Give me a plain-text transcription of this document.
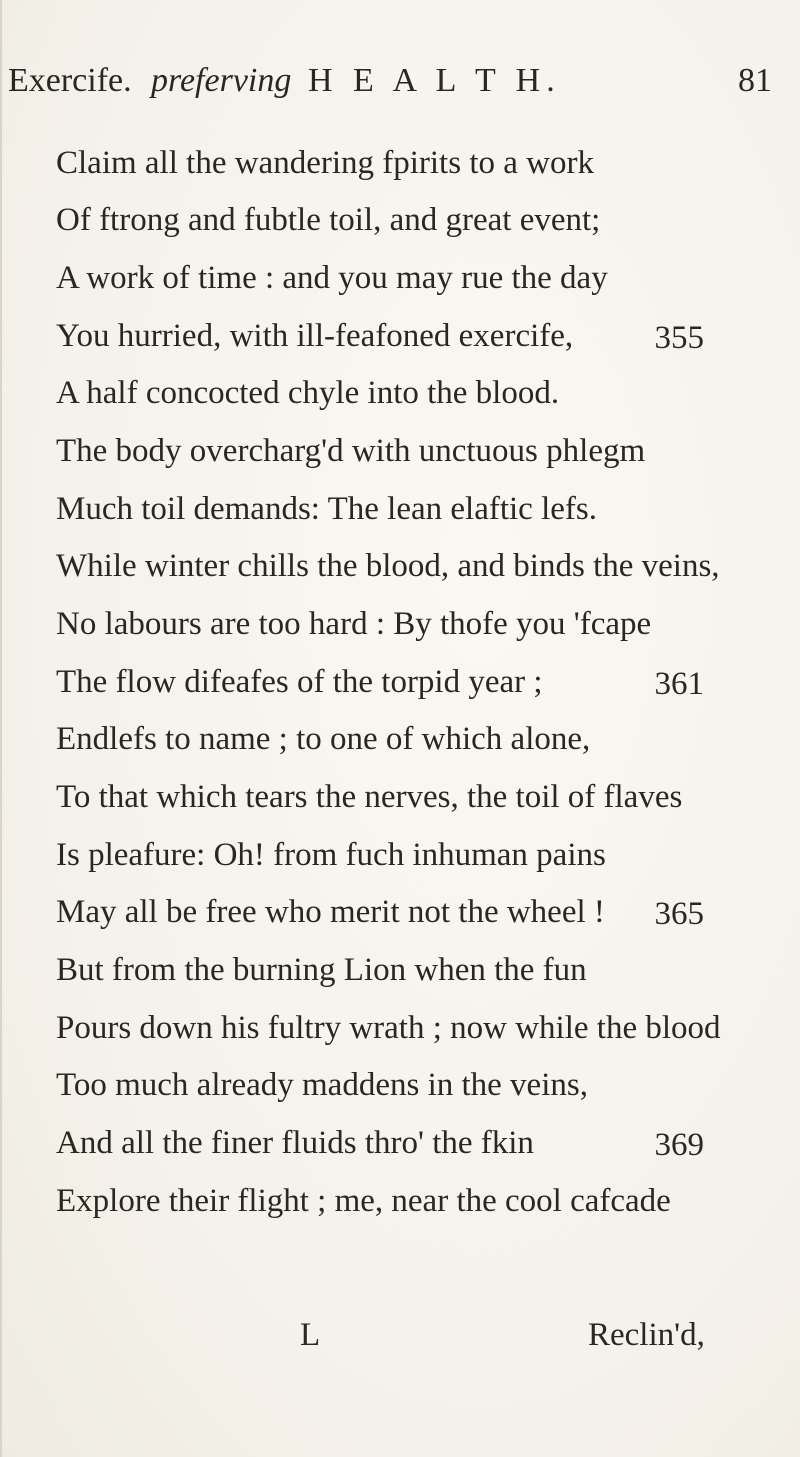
Exercife. preferving H E A L T H.	81
Claim all the wandering fpirits to a work
Of ftrong and fubtle toil, and great event;
A work of time : and you may rue the day
You hurried, with ill-feafoned exercife, 355
A half concocted chyle into the blood.
The body overcharg'd with unctuous phlegm
Much toil demands: The lean elaftic lefs.
While winter chills the blood, and binds the veins,
No labours are too hard : By thofe you 'fcape
The flow difeafes of the torpid year ;	361
Endlefs to name ; to one of which alone,
To that which tears the nerves, the toil of flaves
Is pleafure: Oh! from fuch inhuman pains
May all be free who merit not the wheel ! 365
But from the burning Lion when the fun
Pours down his fultry wrath ; now while the blood
Too much already maddens in the veins,
And all the finer fluids thro' the fkin	369
Explore their flight ; me, near the cool cafcade
L	Reclin'd,
